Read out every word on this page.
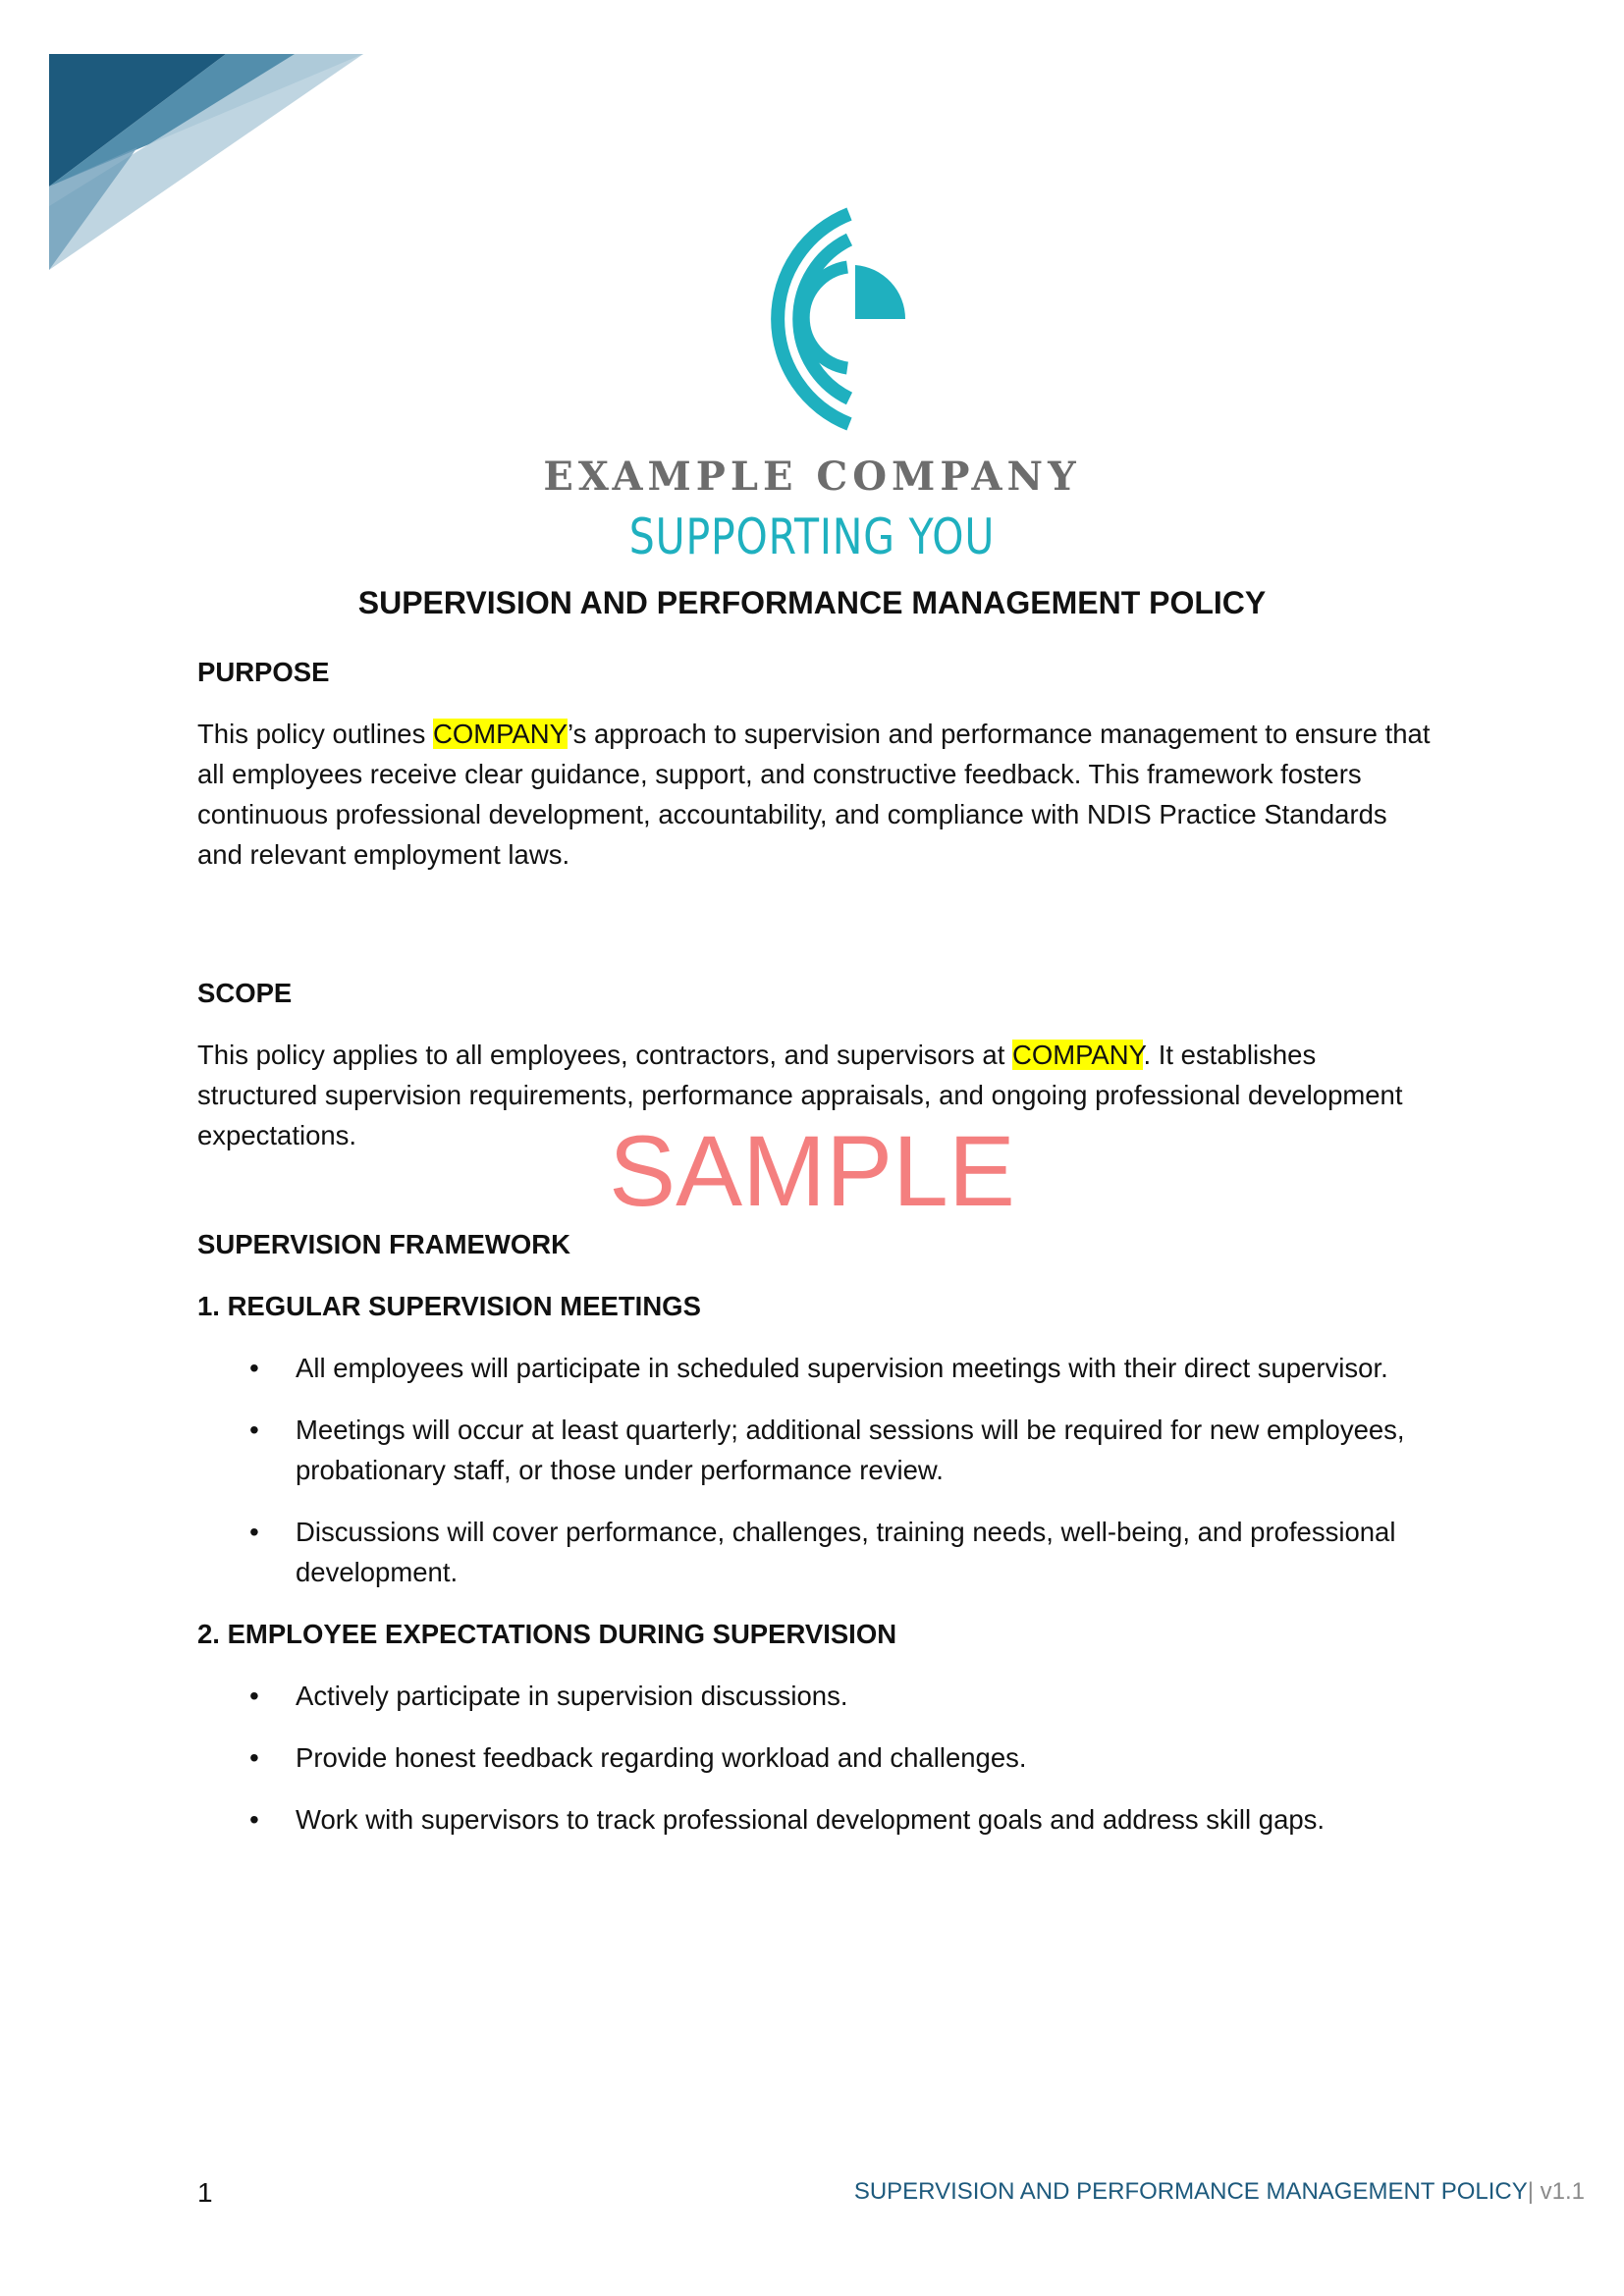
EXAMPLE COMPANY
SUPPORTING YOU
SUPERVISION AND PERFORMANCE MANAGEMENT POLICY
PURPOSE
This policy outlines COMPANY’s approach to supervision and performance management to ensure that all employees receive clear guidance, support, and constructive feedback. This framework fosters continuous professional development, accountability, and compliance with NDIS Practice Standards and relevant employment laws.
SCOPE
This policy applies to all employees, contractors, and supervisors at COMPANY. It establishes structured supervision requirements, performance appraisals, and ongoing professional development expectations.
SUPERVISION FRAMEWORK
1. REGULAR SUPERVISION MEETINGS
• All employees will participate in scheduled supervision meetings with their direct supervisor.
• Meetings will occur at least quarterly; additional sessions will be required for new employees, probationary staff, or those under performance review.
• Discussions will cover performance, challenges, training needs, well-being, and professional development.
2. EMPLOYEE EXPECTATIONS DURING SUPERVISION
• Actively participate in supervision discussions.
• Provide honest feedback regarding workload and challenges.
• Work with supervisors to track professional development goals and address skill gaps.
SAMPLE
1	SUPERVISION AND PERFORMANCE MANAGEMENT POLICY| v1.1
